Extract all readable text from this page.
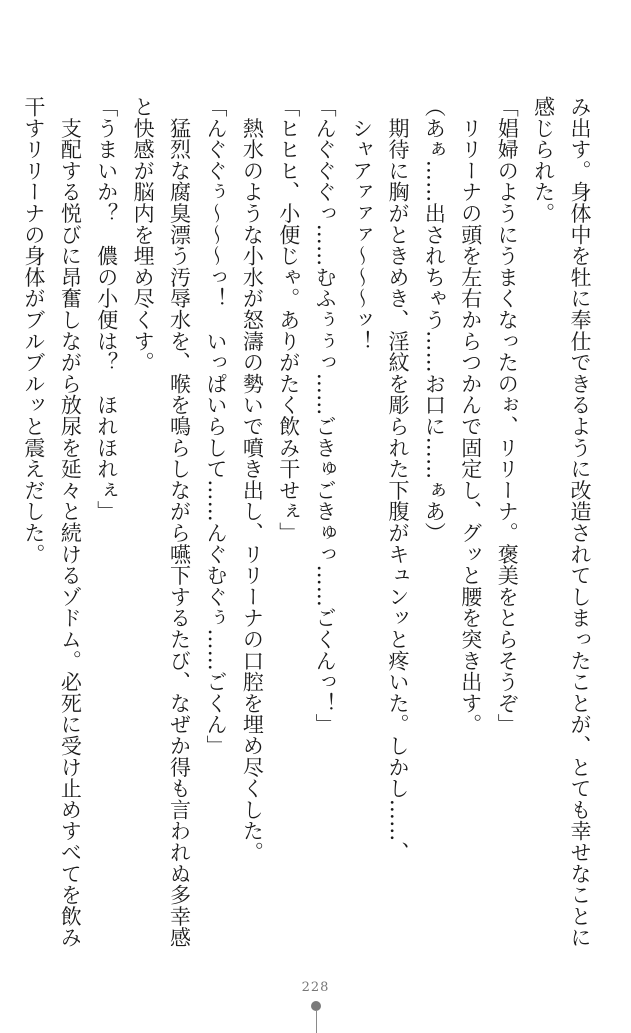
み出す。身体中を牡に奉仕できるように改造されてしまったことが、とても幸せなことに
感じられた。
「娼婦のようにうまくなったのぉ、リリーナ。褒美をとらそうぞ」
　リリーナの頭を左右からつかんで固定し、グッと腰を突き出す。
（あぁ……出されちゃう……お口に……ぁあ）
　期待に胸がときめき、淫紋を彫られた下腹がキュンッと疼いた。しかし……、
　シャアァァァ～～～ッ！
「んぐぐぐっ……むふぅぅっ……ごきゅごきゅっ……ごくんっ！」
「ヒヒヒ、小便じゃ。ありがたく飲み干せぇ」
　熱水のような小水が怒濤の勢いで噴き出し、リリーナの口腔を埋め尽くした。
「んぐぐぅ～～～っ！　いっぱいらして……んぐむぐぅ……ごくん」
　猛烈な腐臭漂う汚辱水を、喉を鳴らしながら嚥下するたび、なぜか得も言われぬ多幸感
と快感が脳内を埋め尽くす。
「うまいか？　儂の小便は？　ほれほれぇ」
　支配する悦びに昂奮しながら放尿を延々と続けるゾドム。必死に受け止めすべてを飲み
干すリリーナの身体がブルブルッと震えだした。
228
